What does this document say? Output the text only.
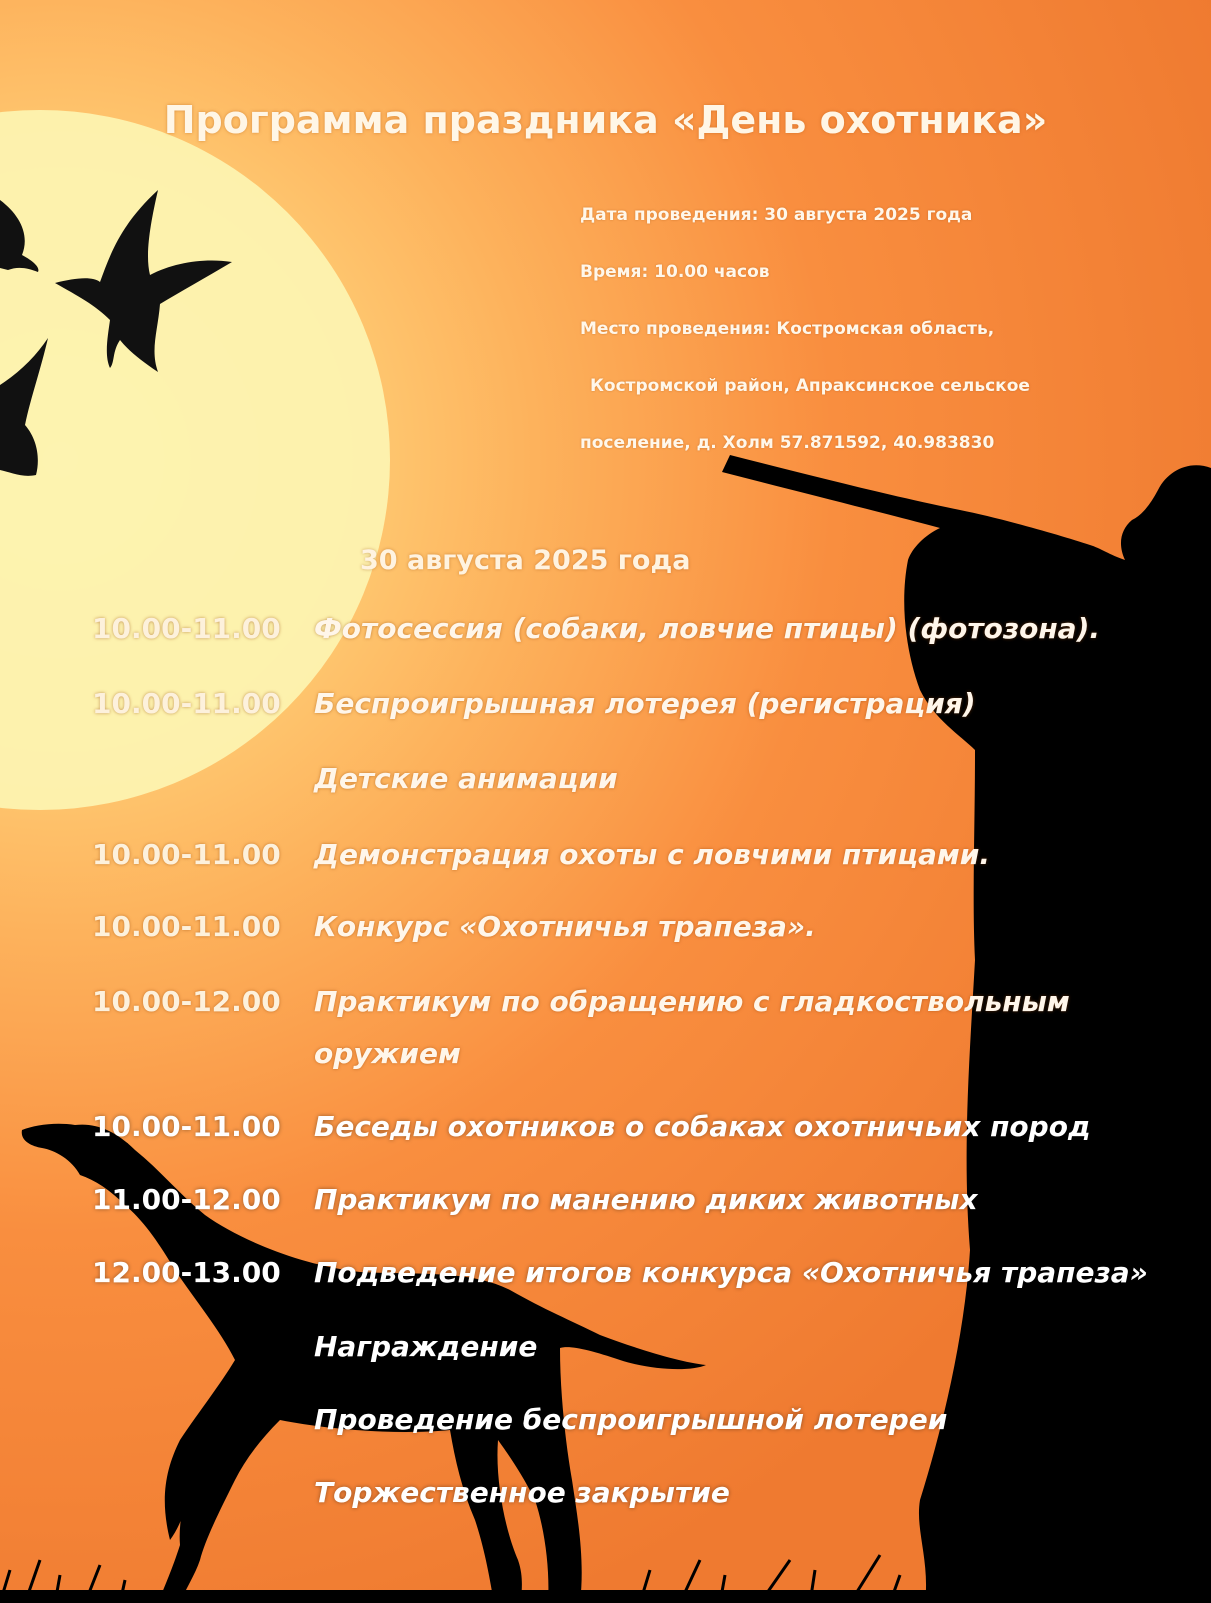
Программа праздника «День охотника»
Дата проведения: 30 августа 2025 года
Время: 10.00 часов
Место проведения: Костромская область,
Костромской район, Апраксинское сельское
поселение, д. Холм 57.871592, 40.983830
30 августа 2025 года
10.00-11.00 Фотосессия (собаки, ловчие птицы) (фотозона).
10.00-11.00 Беспроигрышная лотерея (регистрация)
Детские анимации
10.00-11.00 Демонстрация охоты с ловчими птицами.
10.00-11.00 Конкурс «Охотничья трапеза».
10.00-12.00 Практикум по обращению с гладкоствольным
оружием
10.00-11.00 Беседы охотников о собаках охотничьих пород
11.00-12.00 Практикум по манению диких животных
12.00-13.00 Подведение итогов конкурса «Охотничья трапеза»
Награждение
Проведение беспроигрышной лотереи
Торжественное закрытие
